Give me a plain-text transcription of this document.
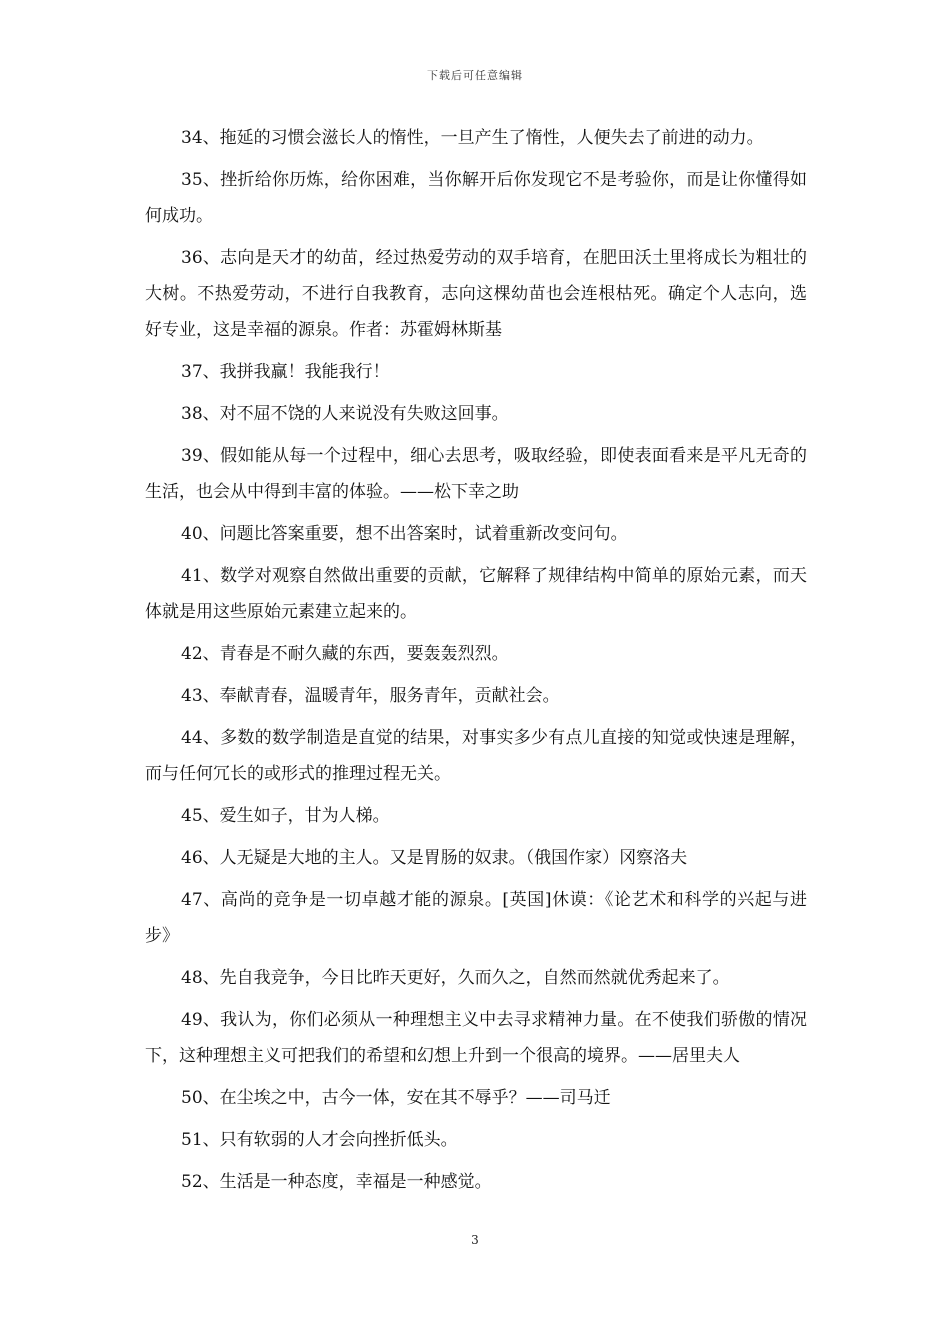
下载后可任意编辑

34、拖延的习惯会滋长人的惰性，一旦产生了惰性，人便失去了前进的动力。

35、挫折给你历炼，给你困难，当你解开后你发现它不是考验你，而是让你懂得如何成功。

36、志向是天才的幼苗，经过热爱劳动的双手培育，在肥田沃土里将成长为粗壮的大树。不热爱劳动，不进行自我教育，志向这棵幼苗也会连根枯死。确定个人志向，选好专业，这是幸福的源泉。作者：苏霍姆林斯基

37、我拼我赢！我能我行！

38、对不屈不饶的人来说没有失败这回事。

39、假如能从每一个过程中，细心去思考，吸取经验，即使表面看来是平凡无奇的生活，也会从中得到丰富的体验。——松下幸之助

40、问题比答案重要，想不出答案时，试着重新改变问句。

41、数学对观察自然做出重要的贡献，它解释了规律结构中简单的原始元素，而天体就是用这些原始元素建立起来的。

42、青春是不耐久藏的东西，要轰轰烈烈。

43、奉献青春，温暖青年，服务青年，贡献社会。

44、多数的数学制造是直觉的结果，对事实多少有点儿直接的知觉或快速是理解，而与任何冗长的或形式的推理过程无关。

45、爱生如子，甘为人梯。

46、人无疑是大地的主人。又是胃肠的奴隶。（俄国作家）冈察洛夫

47、高尚的竞争是一切卓越才能的源泉。[英国]休谟：《论艺术和科学的兴起与进步》

48、先自我竞争，今日比昨天更好，久而久之，自然而然就优秀起来了。

49、我认为，你们必须从一种理想主义中去寻求精神力量。在不使我们骄傲的情况下，这种理想主义可把我们的希望和幻想上升到一个很高的境界。——居里夫人

50、在尘埃之中，古今一体，安在其不辱乎？——司马迁

51、只有软弱的人才会向挫折低头。

52、生活是一种态度，幸福是一种感觉。

3
